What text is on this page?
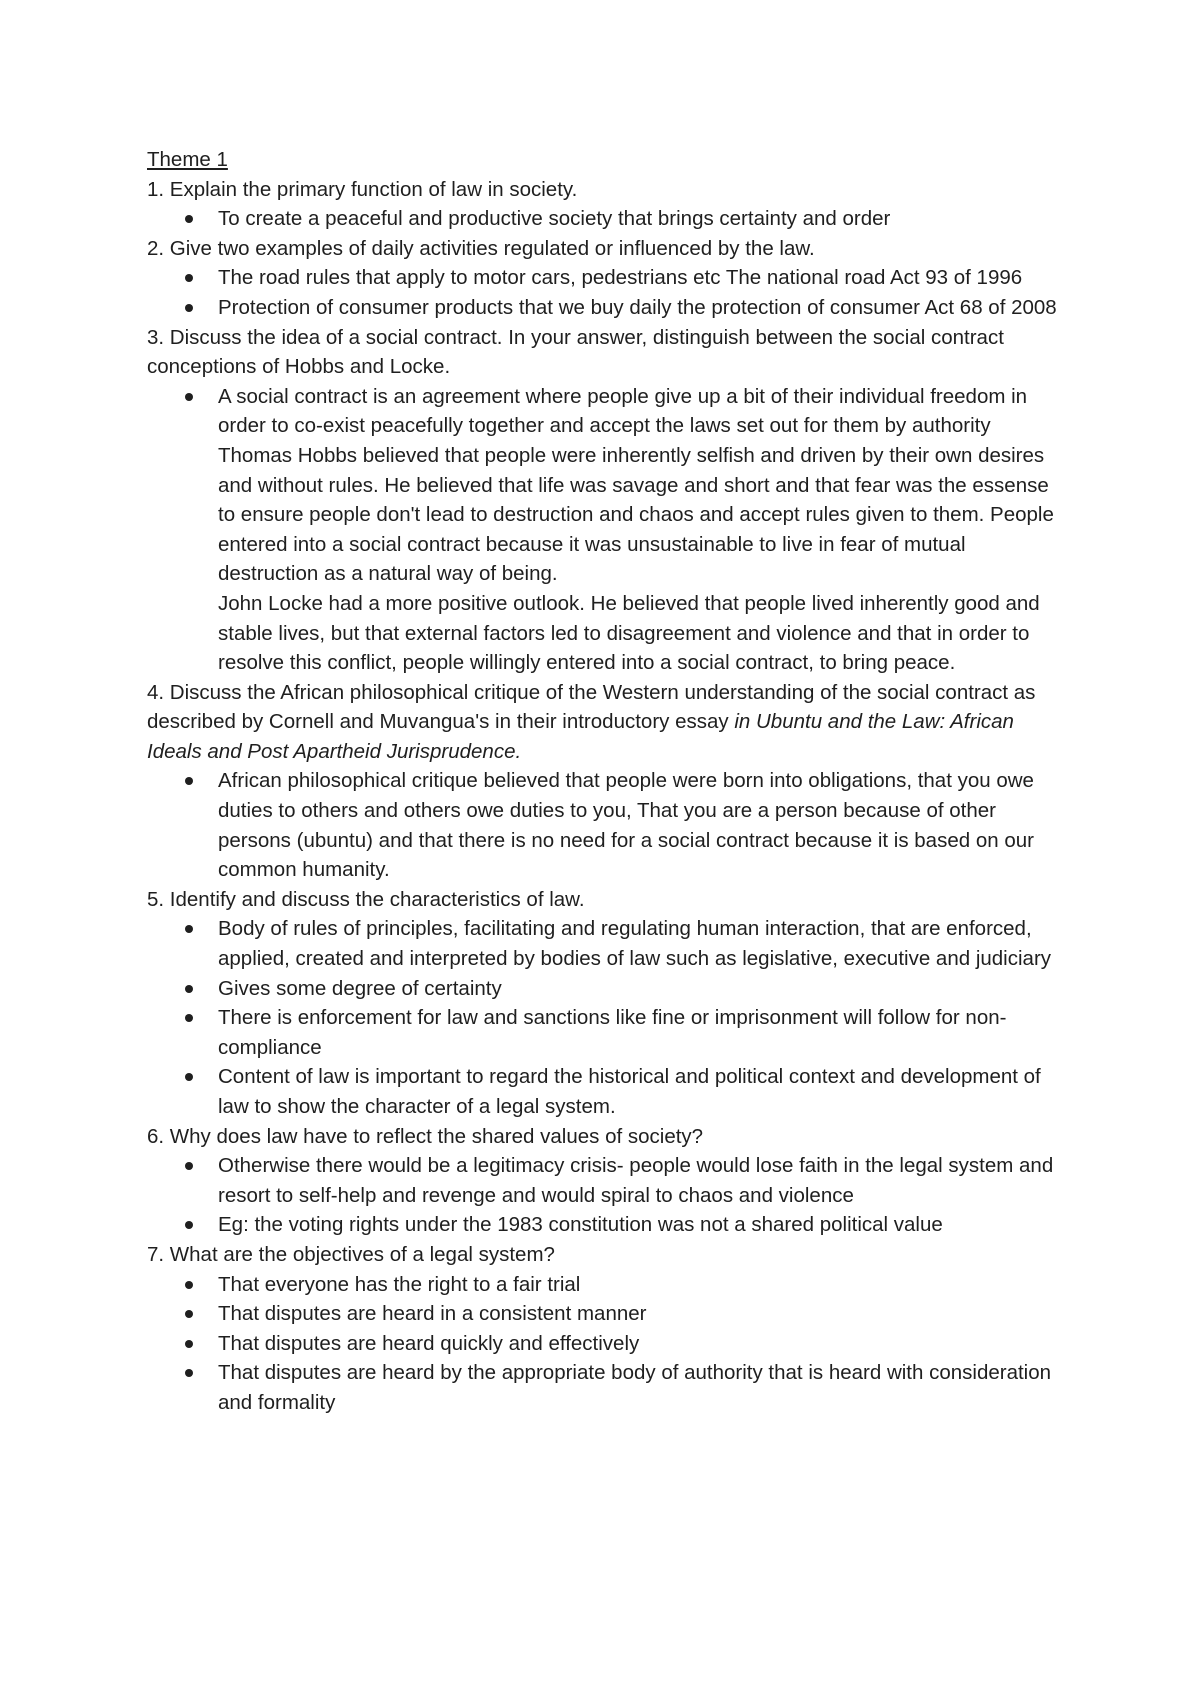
Theme 1
1. Explain the primary function of law in society.
To create a peaceful and productive society that brings certainty and order
2. Give two examples of daily activities regulated or influenced by the law.
The road rules that apply to motor cars, pedestrians etc The national road Act 93 of 1996
Protection of consumer products that we buy daily the protection of consumer Act 68 of 2008
3. Discuss the idea of a social contract. In your answer, distinguish between the social contract conceptions of Hobbs and Locke.
A social contract is an agreement where people give up a bit of their individual freedom in order to co-exist peacefully together and accept the laws set out for them by authority
Thomas Hobbs believed that people were inherently selfish and driven by their own desires and without rules. He believed that life was savage and short and that fear was the essense to ensure people don't lead to destruction and chaos and accept rules given to them. People entered into a social contract because it was unsustainable to live in fear of mutual destruction as a natural way of being.
John Locke had a more positive outlook. He believed that people lived inherently good and stable lives, but that external factors led to disagreement and violence and that in order to resolve this conflict, people willingly entered into a social contract, to bring peace.
4. Discuss the African philosophical critique of the Western understanding of the social contract as described by Cornell and Muvangua's in their introductory essay in Ubuntu and the Law: African Ideals and Post Apartheid Jurisprudence.
African philosophical critique believed that people were born into obligations, that you owe duties to others and others owe duties to you, That you are a person because of other persons (ubuntu) and that there is no need for a social contract because it is based on our common humanity.
5. Identify and discuss the characteristics of law.
Body of rules of principles, facilitating and regulating human interaction, that are enforced, applied, created and interpreted by bodies of law such as legislative, executive and judiciary
Gives some degree of certainty
There is enforcement for law and sanctions like fine or imprisonment will follow for non-compliance
Content of law is important to regard the historical and political context and development of law to show the character of a legal system.
6. Why does law have to reflect the shared values of society?
Otherwise there would be a legitimacy crisis- people would lose faith in the legal system and resort to self-help and revenge and would spiral to chaos and violence
Eg: the voting rights under the 1983 constitution was not a shared political value
7. What are the objectives of a legal system?
That everyone has the right to a fair trial
That disputes are heard in a consistent manner
That disputes are heard quickly and effectively
That disputes are heard by the appropriate body of authority that is heard with consideration and formality
